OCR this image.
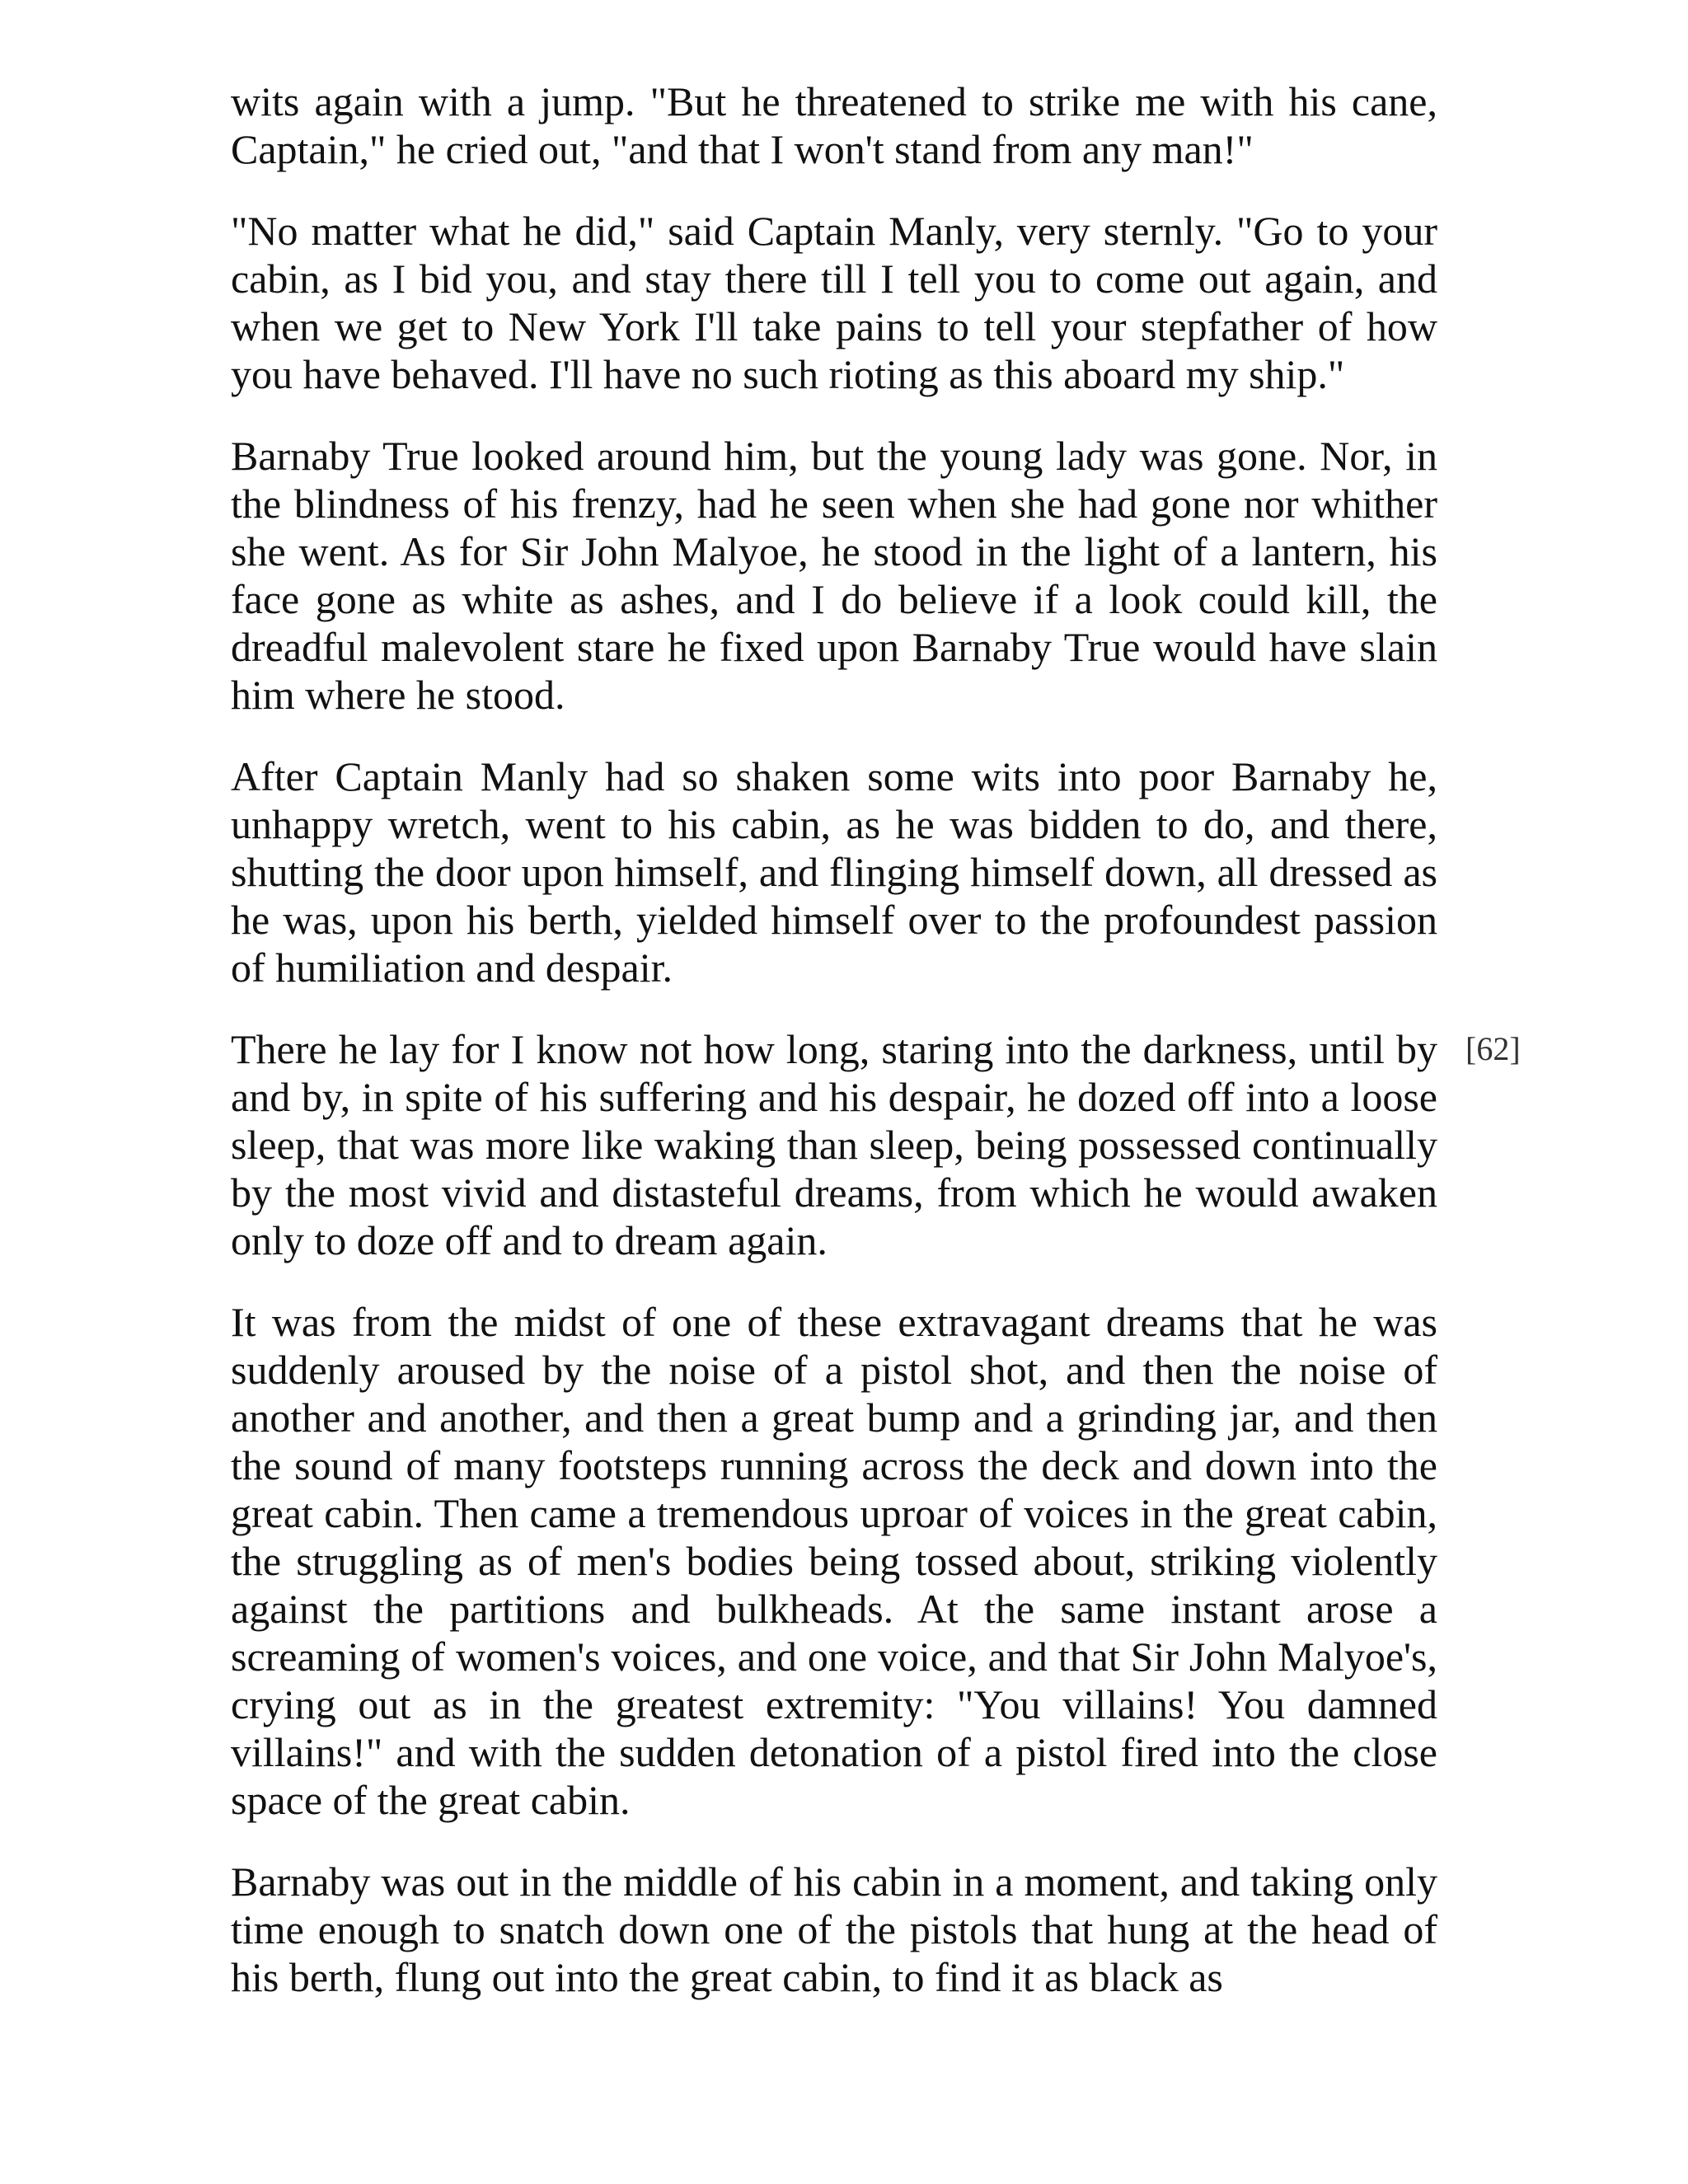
wits again with a jump. "But he threatened to strike me with his cane, Captain," he cried out, "and that I won't stand from any man!"

"No matter what he did," said Captain Manly, very sternly. "Go to your cabin, as I bid you, and stay there till I tell you to come out again, and when we get to New York I'll take pains to tell your stepfather of how you have behaved. I'll have no such rioting as this aboard my ship."

Barnaby True looked around him, but the young lady was gone. Nor, in the blindness of his frenzy, had he seen when she had gone nor whither she went. As for Sir John Malyoe, he stood in the light of a lantern, his face gone as white as ashes, and I do believe if a look could kill, the dreadful malevolent stare he fixed upon Barnaby True would have slain him where he stood.

After Captain Manly had so shaken some wits into poor Barnaby he, unhappy wretch, went to his cabin, as he was bidden to do, and there, shutting the door upon himself, and flinging himself down, all dressed as he was, upon his berth, yielded himself over to the profoundest passion of humiliation and despair.

There he lay for I know not how long, staring into the darkness, until by and by, in spite of his suffering and his despair, he dozed off into a loose sleep, that was more like waking than sleep, being possessed continually by the most vivid and distasteful dreams, from which he would awaken only to doze off and to dream again.

It was from the midst of one of these extravagant dreams that he was suddenly aroused by the noise of a pistol shot, and then the noise of another and another, and then a great bump and a grinding jar, and then the sound of many footsteps running across the deck and down into the great cabin. Then came a tremendous uproar of voices in the great cabin, the struggling as of men's bodies being tossed about, striking violently against the partitions and bulkheads. At the same instant arose a screaming of women's voices, and one voice, and that Sir John Malyoe's, crying out as in the greatest extremity: "You villains! You damned villains!" and with the sudden detonation of a pistol fired into the close space of the great cabin.

Barnaby was out in the middle of his cabin in a moment, and taking only time enough to snatch down one of the pistols that hung at the head of his berth, flung out into the great cabin, to find it as black as

[62]
